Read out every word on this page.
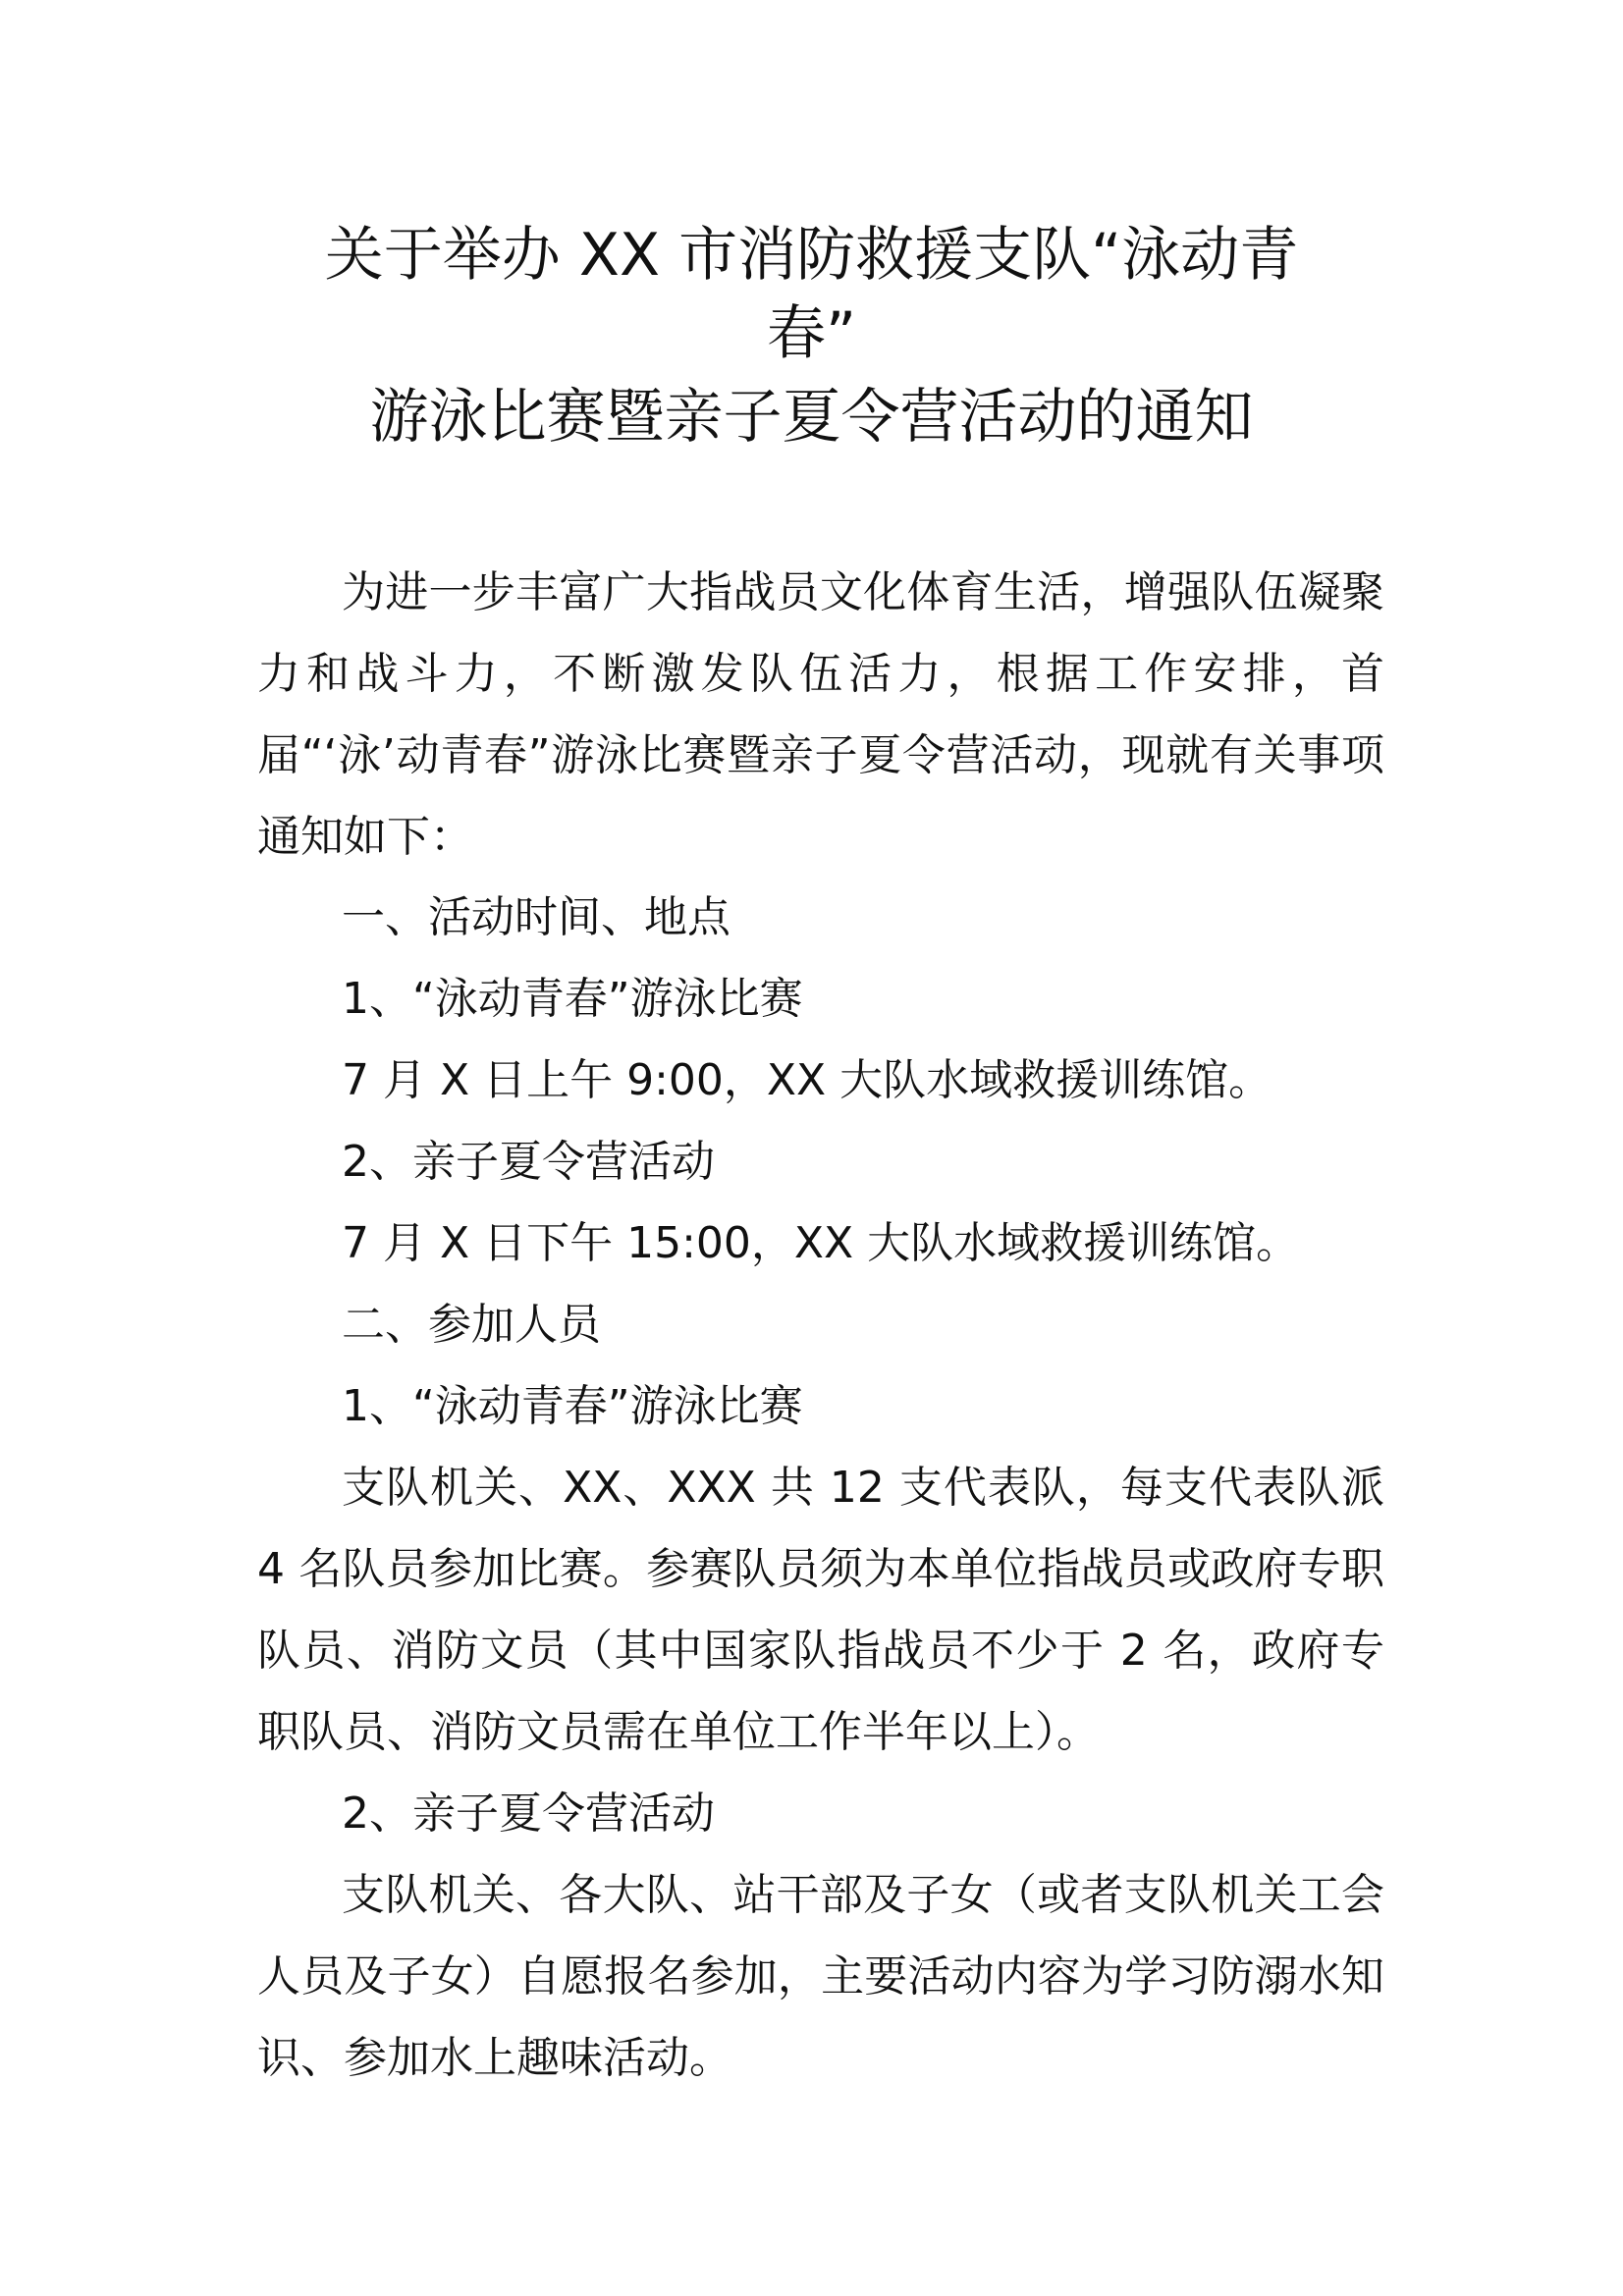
关于举办 XX 市消防救援支队“泳动青
春”
游泳比赛暨亲子夏令营活动的通知

为进一步丰富广大指战员文化体育生活，增强队伍凝聚力和战斗力，不断激发队伍活力，根据工作安排，首届“‘泳’动青春”游泳比赛暨亲子夏令营活动，现就有关事项通知如下：

一、活动时间、地点

1、“泳动青春”游泳比赛

7 月 X 日上午 9:00，XX 大队水域救援训练馆。

2、亲子夏令营活动

7 月 X 日下午 15:00，XX 大队水域救援训练馆。

二、参加人员

1、“泳动青春”游泳比赛

支队机关、XX、XXX 共 12 支代表队，每支代表队派 4 名队员参加比赛。参赛队员须为本单位指战员或政府专职队员、消防文员（其中国家队指战员不少于 2 名，政府专职队员、消防文员需在单位工作半年以上）。

2、亲子夏令营活动

支队机关、各大队、站干部及子女（或者支队机关工会人员及子女）自愿报名参加，主要活动内容为学习防溺水知识、参加水上趣味活动。
